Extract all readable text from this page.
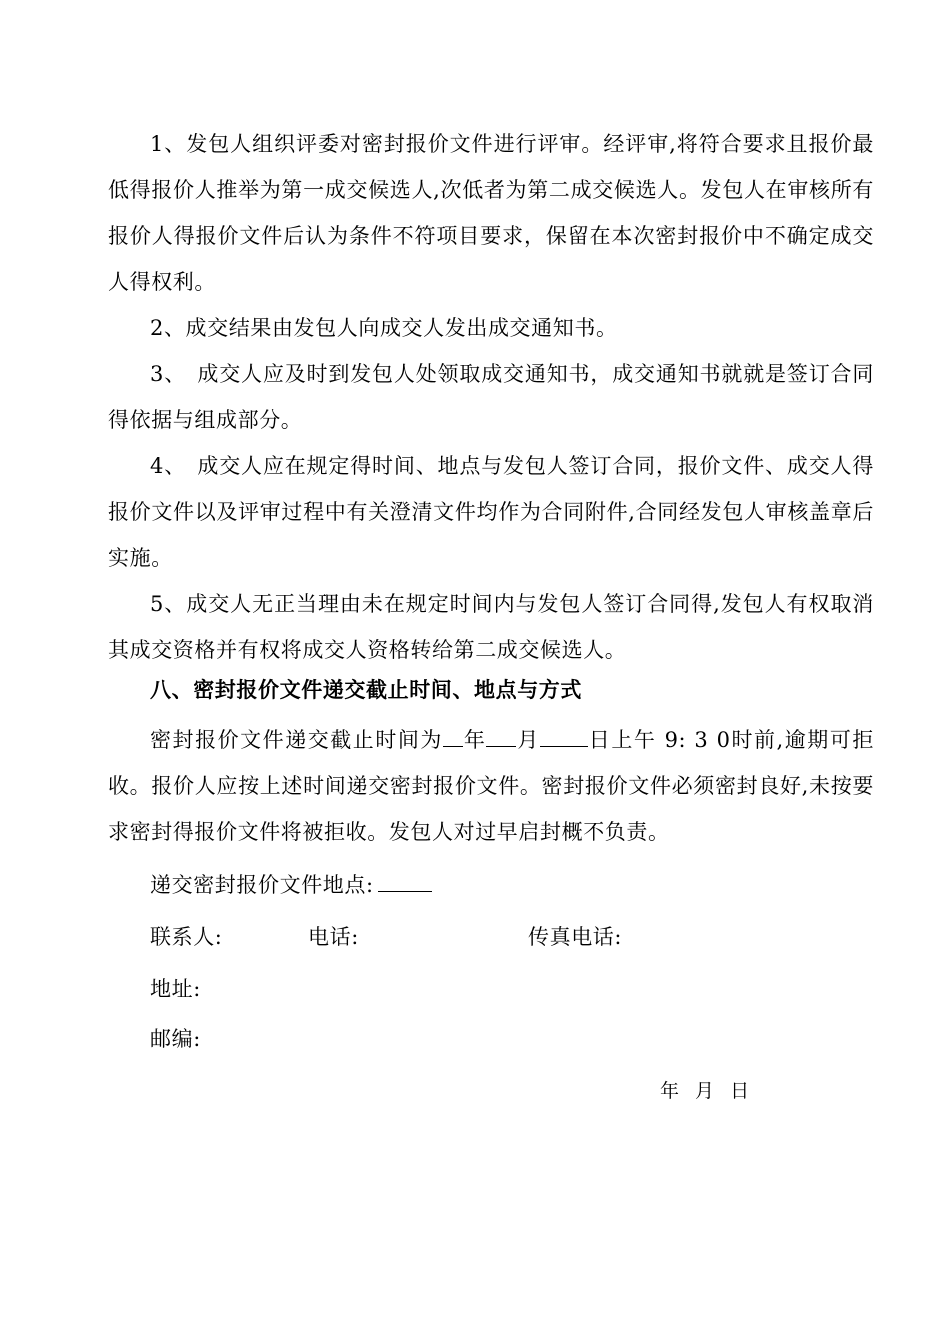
1、发包人组织评委对密封报价文件进行评审。经评审,将符合要求且报价最低得报价人推举为第一成交候选人,次低者为第二成交候选人。发包人在审核所有报价人得报价文件后认为条件不符项目要求，保留在本次密封报价中不确定成交人得权利。

2、成交结果由发包人向成交人发出成交通知书。

3、　成交人应及时到发包人处领取成交通知书，成交通知书就就是签订合同得依据与组成部分。

4、　成交人应在规定得时间、地点与发包人签订合同，报价文件、成交人得报价文件以及评审过程中有关澄清文件均作为合同附件,合同经发包人审核盖章后实施。

5、成交人无正当理由未在规定时间内与发包人签订合同得,发包人有权取消其成交资格并有权将成交人资格转给第二成交候选人。

八、密封报价文件递交截止时间、地点与方式

密封报价文件递交截止时间为 年 月 日上午 9: 3 0时前,逾期可拒收。报价人应按上述时间递交密封报价文件。密封报价文件必须密封良好,未按要求密封得报价文件将被拒收。发包人对过早启封概不负责。

递交密封报价文件地点:

联系人:	电话:	传真电话:

地址:

邮编:

年 月 日
